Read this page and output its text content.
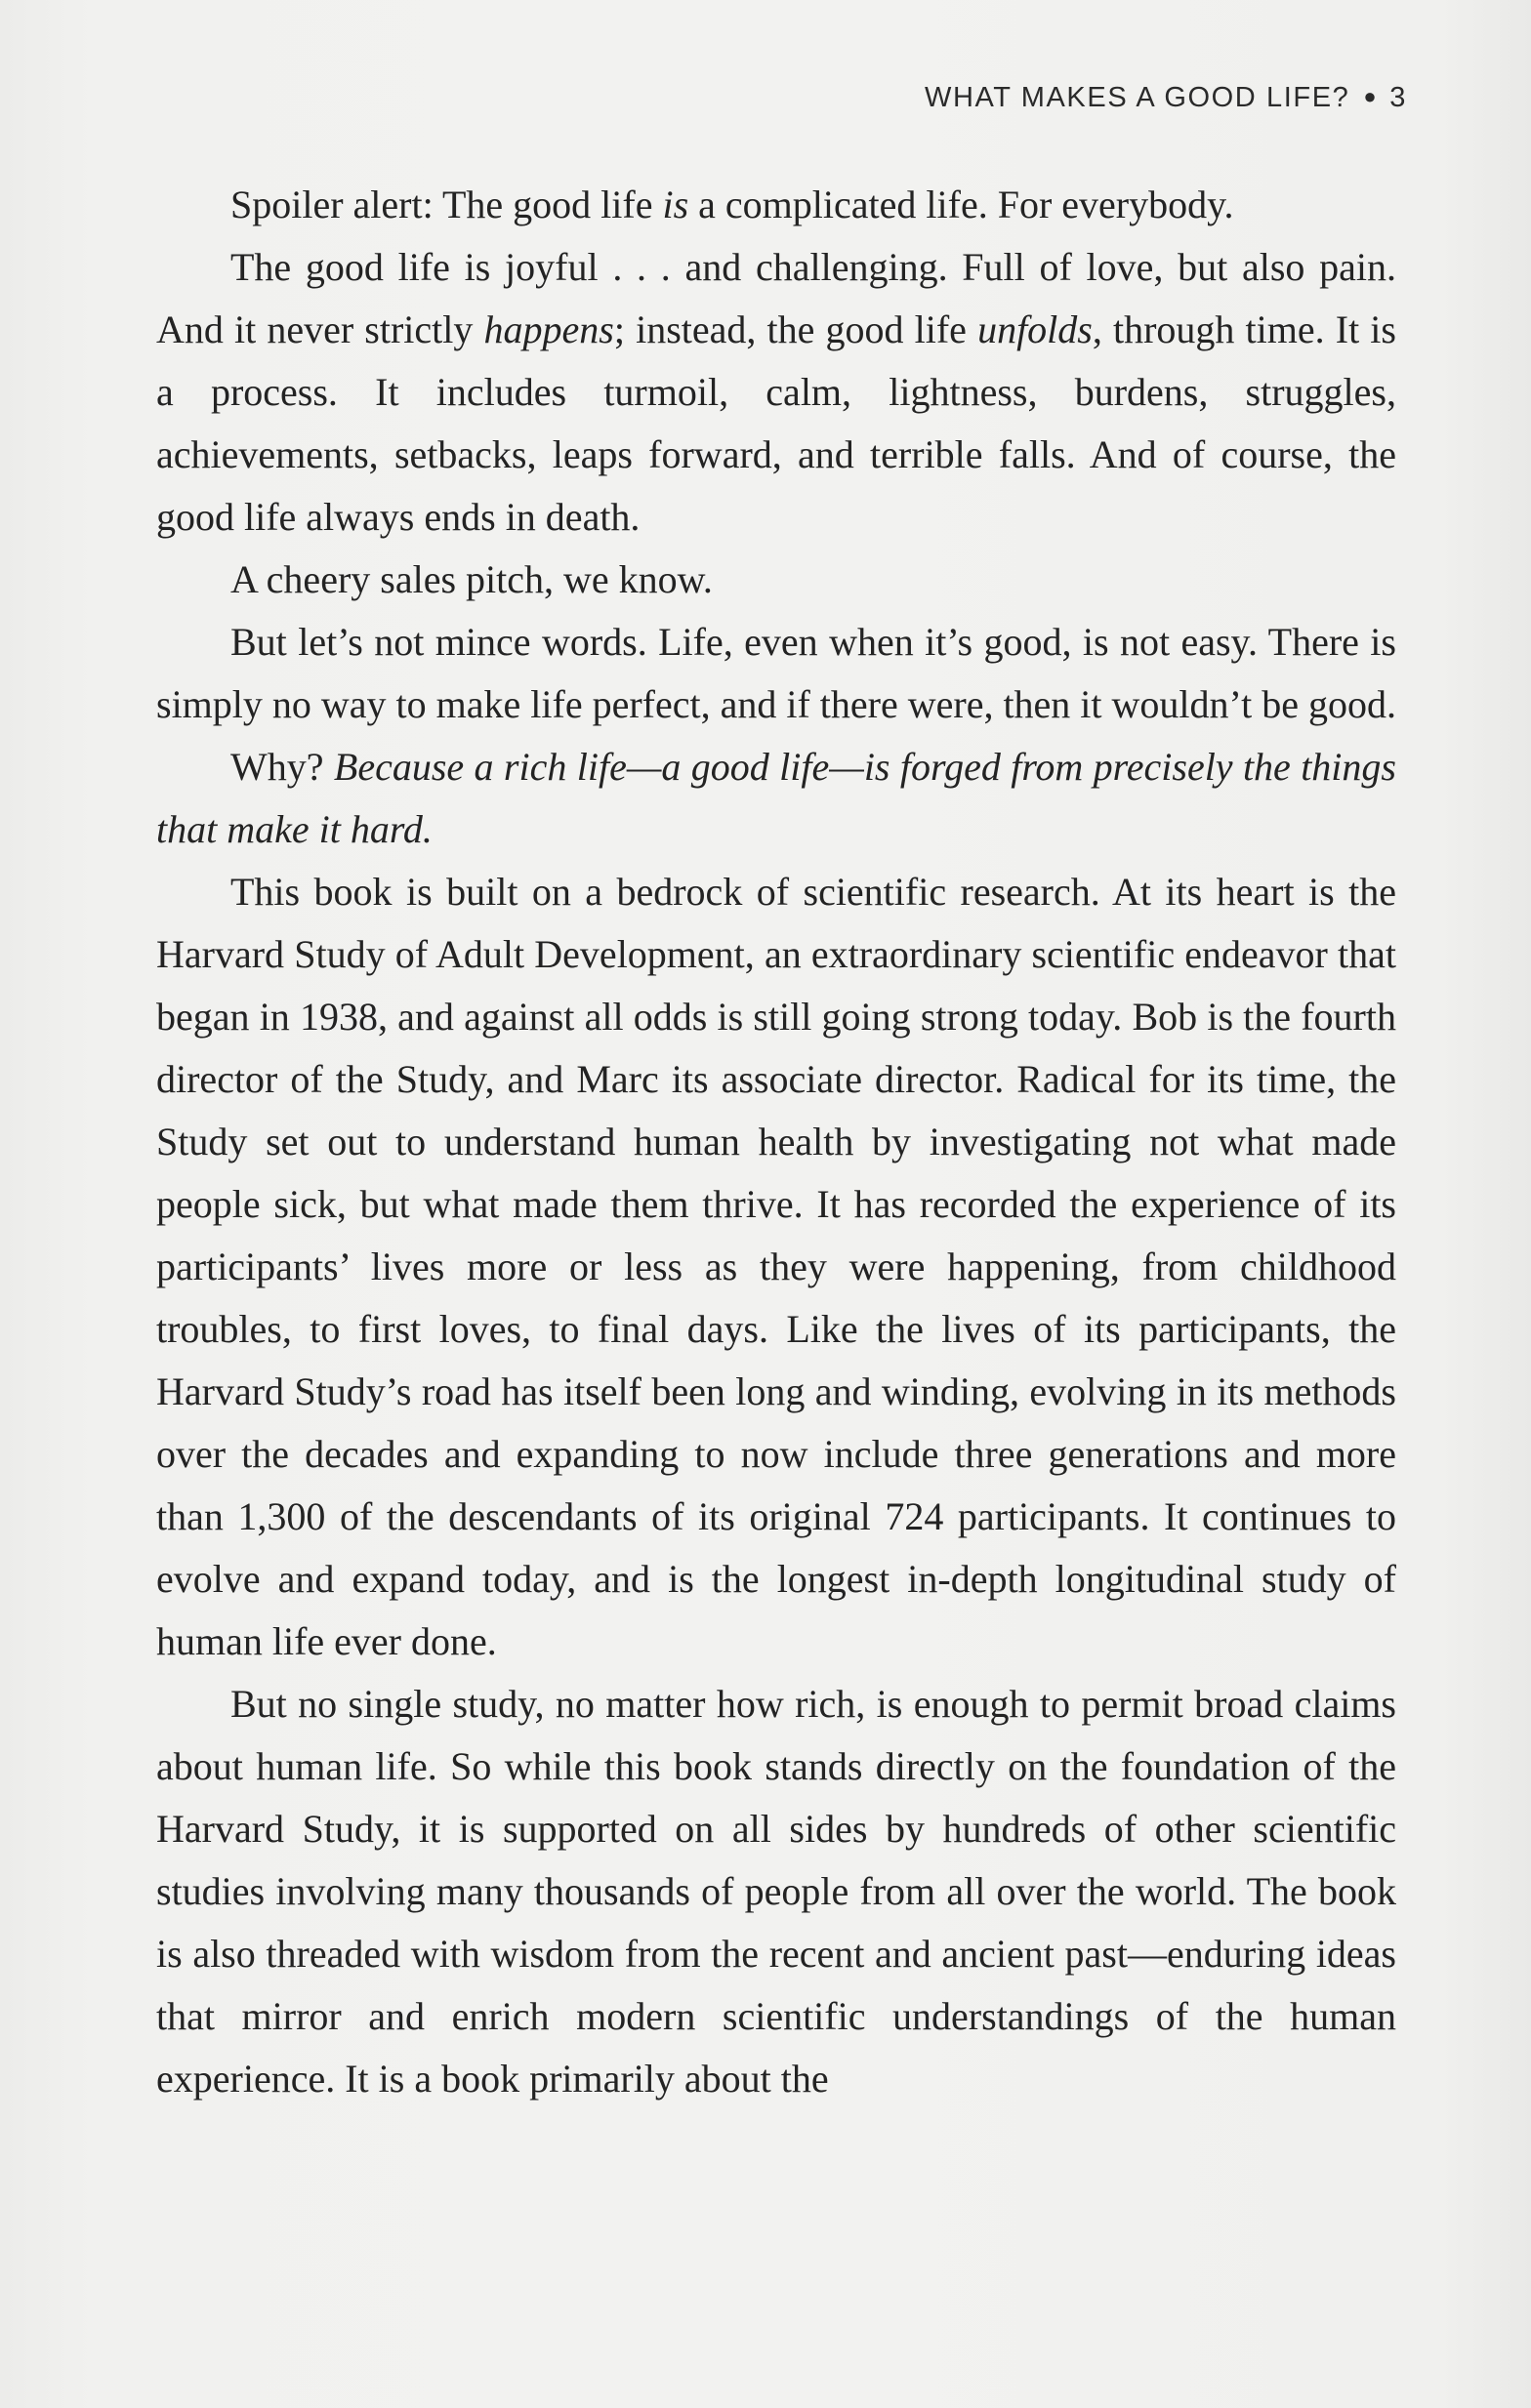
WHAT MAKES A GOOD LIFE? ● 3

Spoiler alert: The good life is a complicated life. For everybody.

The good life is joyful . . . and challenging. Full of love, but also pain. And it never strictly happens; instead, the good life unfolds, through time. It is a process. It includes turmoil, calm, lightness, burdens, struggles, achievements, setbacks, leaps forward, and terrible falls. And of course, the good life always ends in death.

A cheery sales pitch, we know.

But let’s not mince words. Life, even when it’s good, is not easy. There is simply no way to make life perfect, and if there were, then it wouldn’t be good.

Why? Because a rich life—a good life—is forged from precisely the things that make it hard.

This book is built on a bedrock of scientific research. At its heart is the Harvard Study of Adult Development, an extraordinary scientific endeavor that began in 1938, and against all odds is still going strong today. Bob is the fourth director of the Study, and Marc its associate director. Radical for its time, the Study set out to understand human health by investigating not what made people sick, but what made them thrive. It has recorded the experience of its participants’ lives more or less as they were happening, from childhood troubles, to first loves, to final days. Like the lives of its participants, the Harvard Study’s road has itself been long and winding, evolving in its methods over the decades and expanding to now include three generations and more than 1,300 of the descendants of its original 724 participants. It continues to evolve and expand today, and is the longest in-depth longitudinal study of human life ever done.

But no single study, no matter how rich, is enough to permit broad claims about human life. So while this book stands directly on the foundation of the Harvard Study, it is supported on all sides by hundreds of other scientific studies involving many thousands of people from all over the world. The book is also threaded with wisdom from the recent and ancient past—enduring ideas that mirror and enrich modern scientific understandings of the human experience. It is a book primarily about the
